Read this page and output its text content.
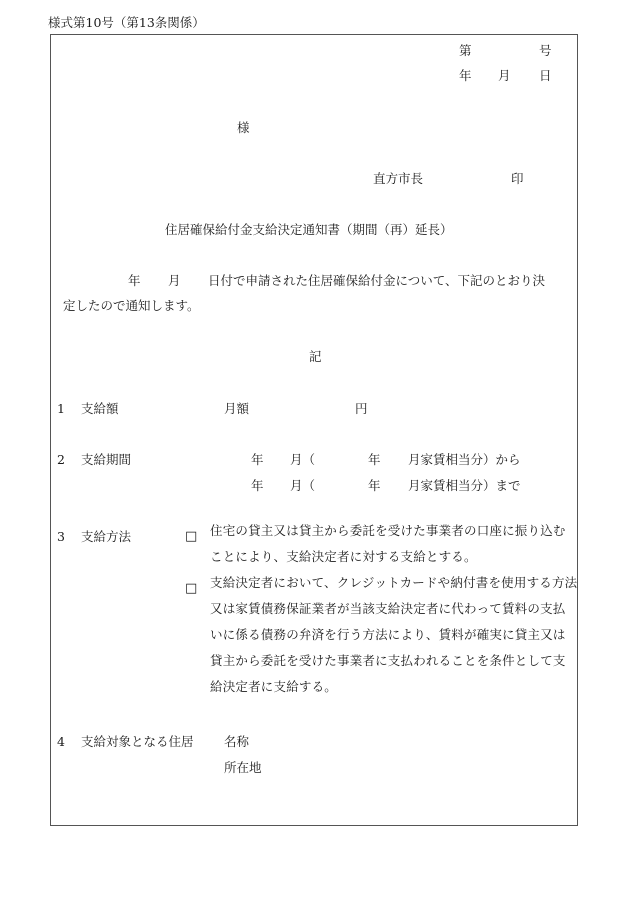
様式第10号（第13条関係）
第	号
年 月 日
様
直方市長	印
住居確保給付金支給決定通知書（期間（再）延長）
年 月 日付で申請された住居確保給付金について、下記のとおり決
定したので通知します。
記
1 支給額	月額	円
2 支給期間	年 月（	年 月家賃相当分）から
年 月（	年 月家賃相当分）まで
3 支給方法	□ 住宅の貸主又は貸主から委託を受けた事業者の口座に振り込むことにより、支給決定者に対する支給とする。
□ 支給決定者において、クレジットカードや納付書を使用する方法又は家賃債務保証業者が当該支給決定者に代わって賃料の支払いに係る債務の弁済を行う方法により、賃料が確実に貸主又は貸主から委託を受けた事業者に支払われることを条件として支給決定者に支給する。
4 支給対象となる住居 名称
所在地
